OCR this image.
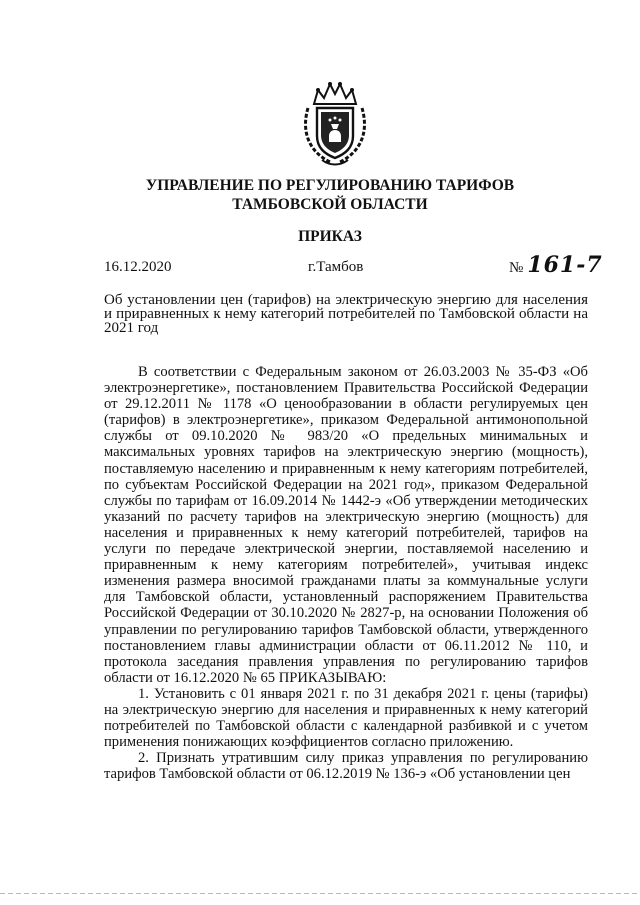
УПРАВЛЕНИЕ ПО РЕГУЛИРОВАНИЮ ТАРИФОВ
ТАМБОВСКОЙ ОБЛАСТИ
ПРИКАЗ
16.12.2020	г.Тамбов	№ 161-7
Об установлении цен (тарифов) на электрическую энергию для населения и приравненных к нему категорий потребителей по Тамбовской области на 2021 год

В соответствии с Федеральным законом от 26.03.2003 № 35-ФЗ «Об электроэнергетике», постановлением Правительства Российской Федерации от 29.12.2011 № 1178 «О ценообразовании в области регулируемых цен (тарифов) в электроэнергетике», приказом Федеральной антимонопольной службы от 09.10.2020 № 983/20 «О предельных минимальных и максимальных уровнях тарифов на электрическую энергию (мощность), поставляемую населению и приравненным к нему категориям потребителей, по субъектам Российской Федерации на 2021 год», приказом Федеральной службы по тарифам от 16.09.2014 № 1442-э «Об утверждении методических указаний по расчету тарифов на электрическую энергию (мощность) для населения и приравненных к нему категорий потребителей, тарифов на услуги по передаче электрической энергии, поставляемой населению и приравненным к нему категориям потребителей», учитывая индекс изменения размера вносимой гражданами платы за коммунальные услуги для Тамбовской области, установленный распоряжением Правительства Российской Федерации от 30.10.2020 № 2827-р, на основании Положения об управлении по регулированию тарифов Тамбовской области, утвержденного постановлением главы администрации области от 06.11.2012 № 110, и протокола заседания правления управления по регулированию тарифов области от 16.12.2020 № 65 ПРИКАЗЫВАЮ:

1. Установить с 01 января 2021 г. по 31 декабря 2021 г. цены (тарифы) на электрическую энергию для населения и приравненных к нему категорий потребителей по Тамбовской области с календарной разбивкой и с учетом применения понижающих коэффициентов согласно приложению.

2. Признать утратившим силу приказ управления по регулированию тарифов Тамбовской области от 06.12.2019 № 136-э «Об установлении цен
